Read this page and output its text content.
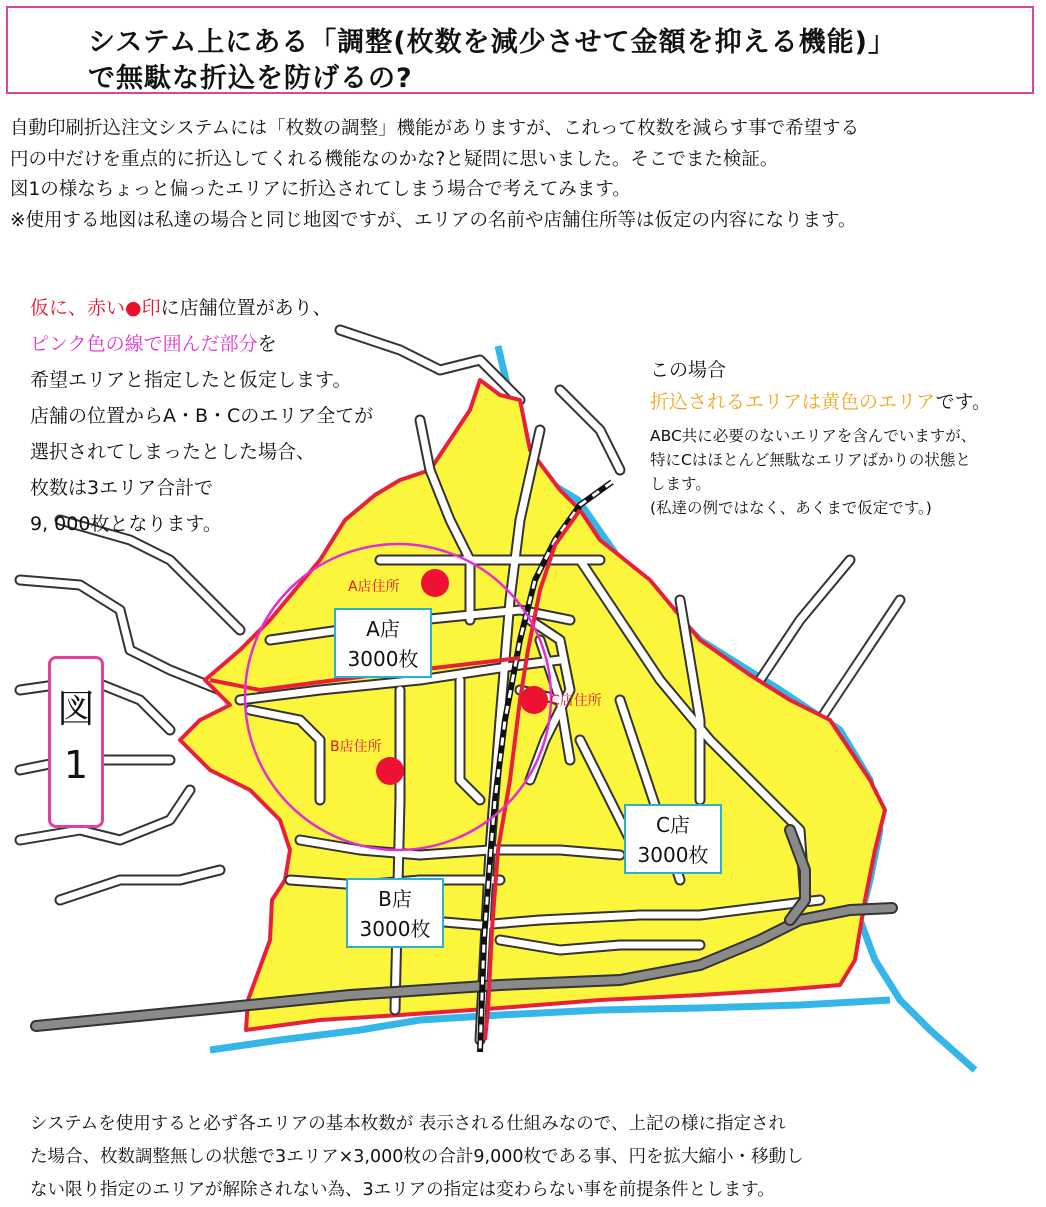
システム上にある「調整(枚数を減少させて金額を抑える機能)」
で無駄な折込を防げるの?
自動印刷折込注文システムには「枚数の調整」機能がありますが、これって枚数を減らす事で希望する
円の中だけを重点的に折込してくれる機能なのかな?と疑問に思いました。そこでまた検証。
図1の様なちょっと偏ったエリアに折込されてしまう場合で考えてみます。
※使用する地図は私達の場合と同じ地図ですが、エリアの名前や店舗住所等は仮定の内容になります。
A店住所
B店住所
C店住所
A店
3000枚
B店
3000枚
C店
3000枚
図
1
仮に、赤い●印に店舗位置があり、
ピンク色の線で囲んだ部分を
希望エリアと指定したと仮定します。
店舗の位置からA・B・Cのエリア全てが
選択されてしまったとした場合、
枚数は3エリア合計で
9, 000枚となります。
この場合
折込されるエリアは黄色のエリアです。
ABC共に必要のないエリアを含んでいますが、
特にCはほとんど無駄なエリアばかりの状態と
します。
(私達の例ではなく、あくまで仮定です。)
システムを使用すると必ず各エリアの基本枚数が 表示される仕組みなので、上記の様に指定され
た場合、枚数調整無しの状態で3エリア×3,000枚の合計9,000枚である事、円を拡大縮小・移動し
ない限り指定のエリアが解除されない為、3エリアの指定は変わらない事を前提条件とします。
